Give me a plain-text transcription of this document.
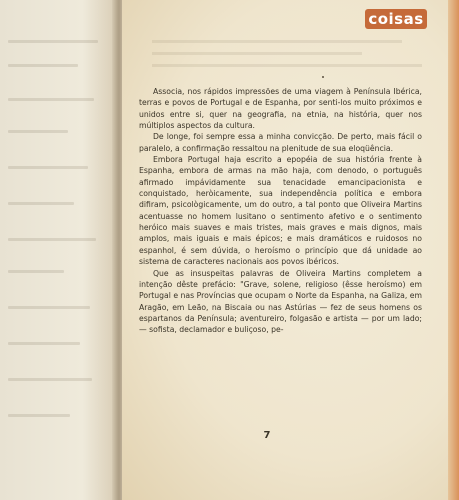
coisas

Associa, nos rápidos impressões de uma viagem à Península Ibérica, terras e povos de Portugal e de Espanha, por senti-los muito próximos e unidos entre si, quer na geografia, na etnia, na história, quer nos múltiplos aspectos da cultura.

De longe, foi sempre essa a minha convicção. De perto, mais fácil o paralelo, a confirmação ressaltou na plenitude de sua eloqüência.

Embora Portugal haja escrito a epopéia de sua história frente à Espanha, embora de armas na mão haja, com denodo, o português afirmado impávidamente sua tenacidade emancipacionista e conquistado, heròicamente, sua independência política e embora difiram, psicològicamente, um do outro, a tal ponto que Oliveira Martins acentuasse no homem lusitano o sentimento afetivo e o sentimento heróico mais suaves e mais tristes, mais graves e mais dignos, mais amplos, mais iguais e mais épicos; e mais dramáticos e ruidosos no espanhol, é sem dúvida, o heroísmo o princípio que dá unidade ao sistema de caracteres nacionais aos povos ibéricos.

Que as insuspeitas palavras de Oliveira Martins completem a intenção dêste prefácio: "Grave, solene, religioso (êsse heroísmo) em Portugal e nas Províncias que ocupam o Norte da Espanha, na Galiza, em Aragão, em Leão, na Biscaia ou nas Astúrias — fez de seus homens os espartanos da Península; aventureiro, folgasão e artista — por um lado; — sofista, declamador e buliçoso, pe-

7
